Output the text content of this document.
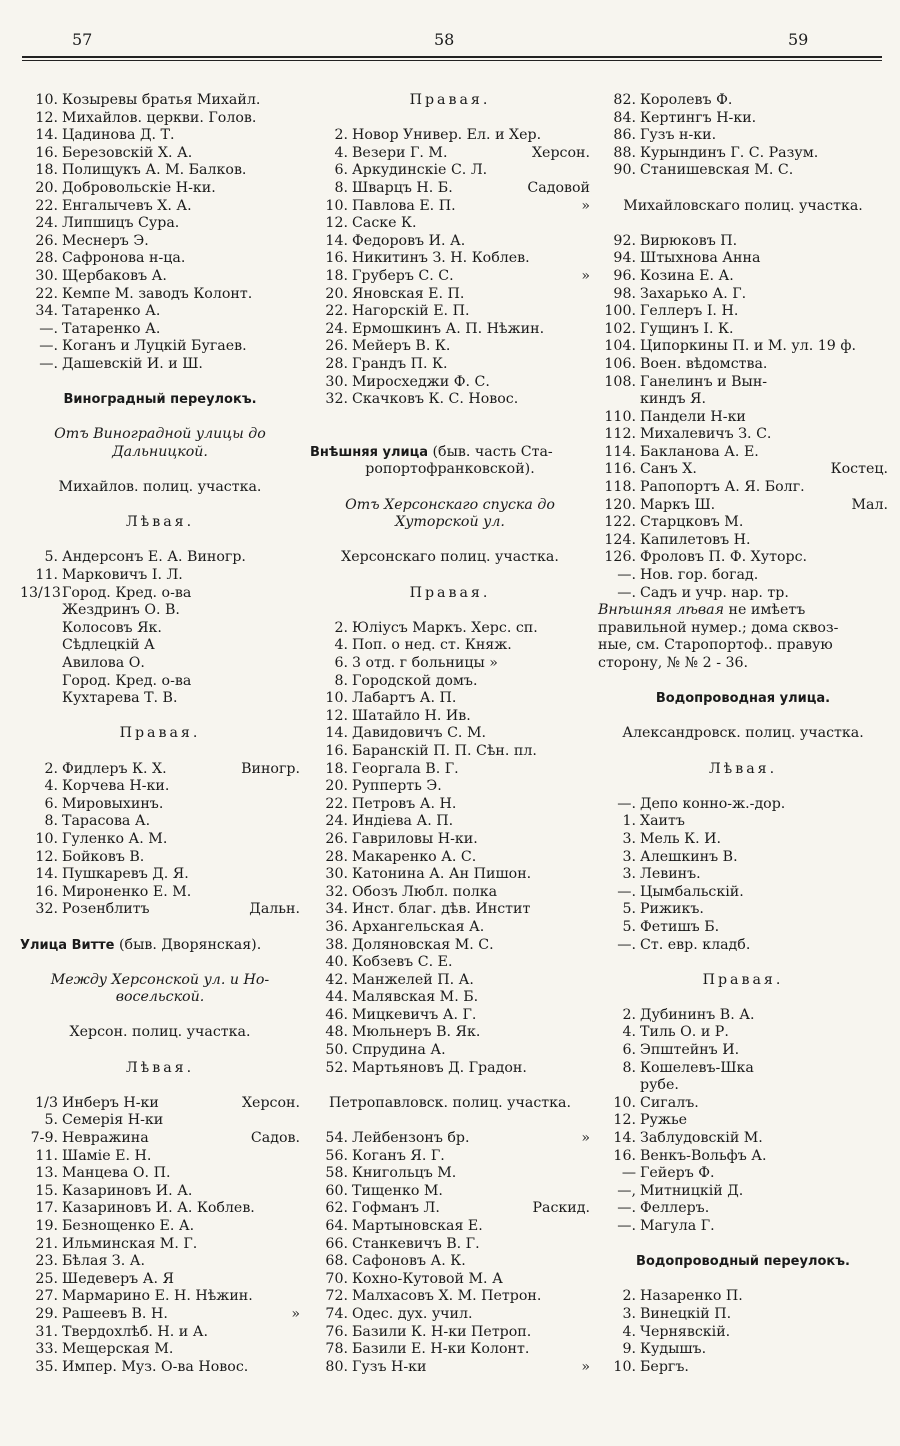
57	58	59
10. Козыревы братья Михайл.
12. Михайлов. церкви. Голов.
14. Цадинова Д. Т.
16. Березовскій X. А.
18. Полищукъ А. М. Балков.
20. Добровольскіе Н-ки.
22. Енгалычевъ X. А.
24. Липшицъ Сура.
26. Меснеръ Э.
28. Сафронова н-ца.
30. Щербаковъ А.
22. Кемпе М. заводъ Колонт.
34. Татаренко А.
—. Татаренко А.
—. Коганъ и Луцкій Бугаев.
—. Дашевскій И. и Ш.
Виноградный переулокъ.
Отъ Виноградной улицы до
Дальницкой.
Михайлов. полиц. участка.
Лѣвая.
5. Андерсонъ Е. А. Виногр.
11. Марковичъ I. Л.
13/13Город. Кред. о-ва
Жездринъ О. В.
Колосовъ Як.
Сѣдлецкій А
Авилова О.
Город. Кред. о-ва
Кухтарева Т. В.
Правая.
2. Фидлеръ К. X.	Виногр.
4. Корчева Н-ки.
6. Мировыхинъ.
8. Тарасова А.
10. Гуленко А. М.
12. Бойковъ В.
14. Пушкаревъ Д. Я.
16. Мироненко Е. М.
32. Розенблитъ	Дальн.
Улица Витте (быв. Дворянская).
Между Херсонской ул. и Но-
восельской.
Херсон. полиц. участка.
Лѣвая.
1/3 Инберъ Н-ки	Херсон.
5. Семерія Н-ки
7-9. Невражина	Садов.
11. Шаміе Е. Н.
13. Манцева О. П.
15. Казариновъ И. А.
17. Казариновъ И. А. Коблев.
19. Безнощенко Е. А.
21. Ильминская М. Г.
23. Бѣлая З. А.
25. Шедеверъ А. Я
27. Мармарино Е. Н. Нѣжин.
29. Рашеевъ В. Н.	»
31. Твердохлѣб. Н. и А.
33. Мещерская М.
35. Импер. Муз. О-ва Новос.
Правая.
2. Новор Унивеp. Ел. и Хер.
4. Везери Г. М.	Херсон.
6. Аркудинскіе С. Л.
8. Шварцъ Н. Б.	Садовой
10. Павлова Е. П.	»
12. Саске К.
14. Федоровъ И. А.
16. Никитинъ З. Н. Коблев.
18. Груберъ С. С.	»
20. Яновская Е. П.
22. Нагорскій Е. П.
24. Ермошкинъ А. П. Нѣжин.
26. Мейеръ В. К.
28. Грандъ П. К.
30. Миросхеджи Ф. С.
32. Скачковъ К. С. Новос.
Внѣшняя улица (быв. часть Ста-
ропортофранковской).
Отъ Херсонскаго спуска до
Хуторской ул.
Херсонскаго полиц. участка.
Правая.
2. Юліусъ Маркъ. Херс. сп.
4. Поп. о нед. ст. Княж.
6. 3 отд. г больницы »
8. Городской домъ.
10. Лабартъ А. П.
12. Шатайло Н. Ив.
14. Давидовичъ С. М.
16. Баранскій П. П. Сѣн. пл.
18. Георгала В. Г.
20. Рупперть Э.
22. Петровъ А. Н.
24. Индіева А. П.
26. Гавриловы Н-ки.
28. Макаренко А. С.
30. Катонина А. Ан Пишон.
32. Обозъ Любл. полка
34. Инст. благ. дѣв. Инстит
36. Архангельская А.
38. Доляновская М. С.
40. Кобзевъ С. Е.
42. Манжелей П. А.
44. Малявская М. Б.
46. Мицкевичъ А. Г.
48. Мюльнеръ В. Як.
50. Спрудина А.
52. Мартьяновъ Д. Градон.
Петропавловск. полиц. участка.
54. Лейбензонъ бр.	»
56. Коганъ Я. Г.
58. Книгольцъ М.
60. Тищенко М.
62. Гофманъ Л.	Раскид.
64. Мартыновская Е.
66. Станкевичъ В. Г.
68. Сафоновъ А. К.
70. Кохно-Кутовой М. А
72. Малхасовъ X. М. Петрон.
74. Одес. дух. учил.
76. Базили К. Н-ки Петроп.
78. Базили Е. Н-ки Колонт.
80. Гузъ Н-ки	»
82. Королевъ Ф.
84. Кертингъ Н-ки.
86. Гузъ н-ки.
88. Курындинъ Г. С. Разум.
90. Станишевская М. С.
Михайловскаго полиц. участка.
92. Вирюковъ П.
94. Штыхнова Анна
96. Козина Е. А.
98. Захарько А. Г.
100. Геллеръ І. Н.
102. Гущинъ I. К.
104. Ципоркины П. и М. ул. 19 ф.
106. Воен. вѣдомства.
108. Ганелинъ и Вын-
киндъ Я.
110. Пандели Н-ки
112. Михалевичъ З. С.
114. Бакланова А. Е.
116. Санъ X.	Костец.
118. Рапопортъ А. Я. Болг.
120. Маркъ Ш.	Мал.
122. Старцковъ М.
124. Капилетовъ Н.
126. Фроловъ П. Ф. Хуторс.
—. Нов. гор. богад.
—. Садъ и учр. нар. тр.
Внѣшняя лѣвая не имѣетъ
правильной нумер.; дома сквоз-
ные, см. Старопортоф.. правую
сторону, № № 2 - 36.
Водопроводная улица.
Александровск. полиц. участка.
Лѣвая.
—. Депо конно-ж.-дор.
1. Хаитъ
3. Мель К. И.
3. Алешкинъ В.
3. Левинъ.
—. Цымбальскій.
5. Рижикъ.
5. Фетишъ Б.
—. Ст. евр. кладб.
Правая.
2. Дубининъ В. А.
4. Тиль О. и Р.
6. Эпштейнъ И.
8. Кошелевъ-Шка
рубе.
10. Сигалъ.
12. Ружье
14. Заблудовскій М.
16. Венкъ-Вольфъ А.
— Гейеръ Ф.
—, Митницкій Д.
—. Феллеръ.
—. Магула Г.
Водопроводный переулокъ.
2. Назаренко П.
3. Винецкій П.
4. Чернявскій.
9. Кудышъ.
10. Бергъ.
